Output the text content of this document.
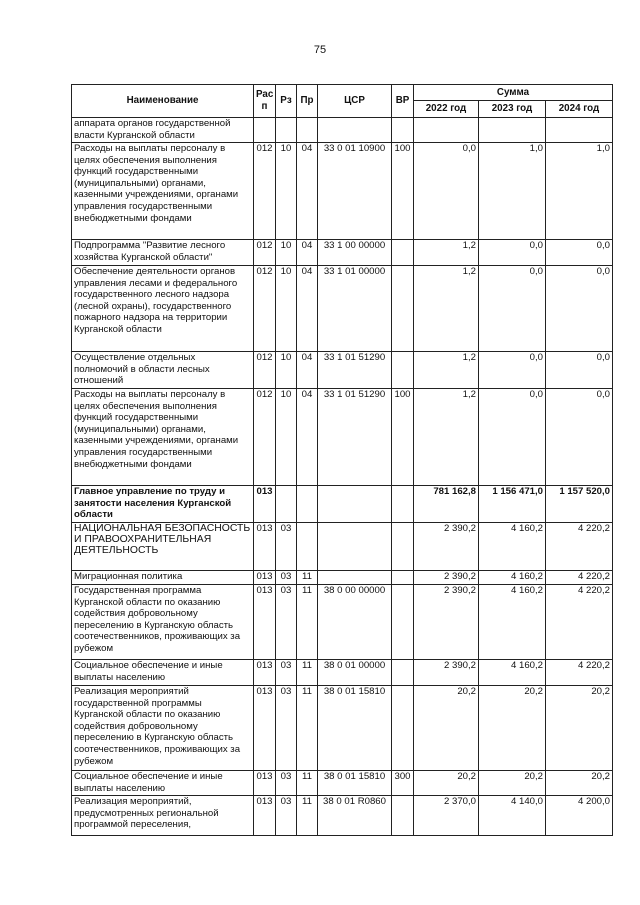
75
Наименование	Рас п	Рз	Пр	ЦСР	ВР	Сумма		
						2022 год	2023 год	2024 год
аппарата органов государственной власти Курганской области								
Расходы на выплаты персоналу в целях обеспечения выполнения функций государственными (муниципальными) органами, казенными учреждениями, органами управления государственными внебюджетными фондами	012	10	04	33 0 01 10900	100	0,0	1,0	1,0
Подпрограмма "Развитие лесного хозяйства Курганской области"	012	10	04	33 1 00 00000		1,2	0,0	0,0
Обеспечение деятельности органов управления лесами и федерального государственного лесного надзора (лесной охраны), государственного пожарного надзора на территории Курганской области	012	10	04	33 1 01 00000		1,2	0,0	0,0
Осуществление отдельных полномочий в области лесных отношений	012	10	04	33 1 01 51290		1,2	0,0	0,0
Расходы на выплаты персоналу в целях обеспечения выполнения функций государственными (муниципальными) органами, казенными учреждениями, органами управления государственными внебюджетными фондами	012	10	04	33 1 01 51290	100	1,2	0,0	0,0
Главное управление по труду и занятости населения Курганской области	013					781 162,8	1 156 471,0	1 157 520,0
НАЦИОНАЛЬНАЯ БЕЗОПАСНОСТЬ И ПРАВООХРАНИТЕЛЬНАЯ ДЕЯТЕЛЬНОСТЬ	013	03				2 390,2	4 160,2	4 220,2
Миграционная политика	013	03	11			2 390,2	4 160,2	4 220,2
Государственная программа Курганской области по оказанию содействия добровольному переселению в Курганскую область соотечественников, проживающих за рубежом	013	03	11	38 0 00 00000		2 390,2	4 160,2	4 220,2
Социальное обеспечение и иные выплаты населению	013	03	11	38 0 01 00000		2 390,2	4 160,2	4 220,2
Реализация мероприятий государственной программы Курганской области по оказанию содействия добровольному переселению в Курганскую область соотечественников, проживающих за рубежом	013	03	11	38 0 01 15810		20,2	20,2	20,2
Социальное обеспечение и иные выплаты населению	013	03	11	38 0 01 15810	300	20,2	20,2	20,2
Реализация мероприятий, предусмотренных региональной программой переселения,	013	03	11	38 0 01 R0860		2 370,0	4 140,0	4 200,0
